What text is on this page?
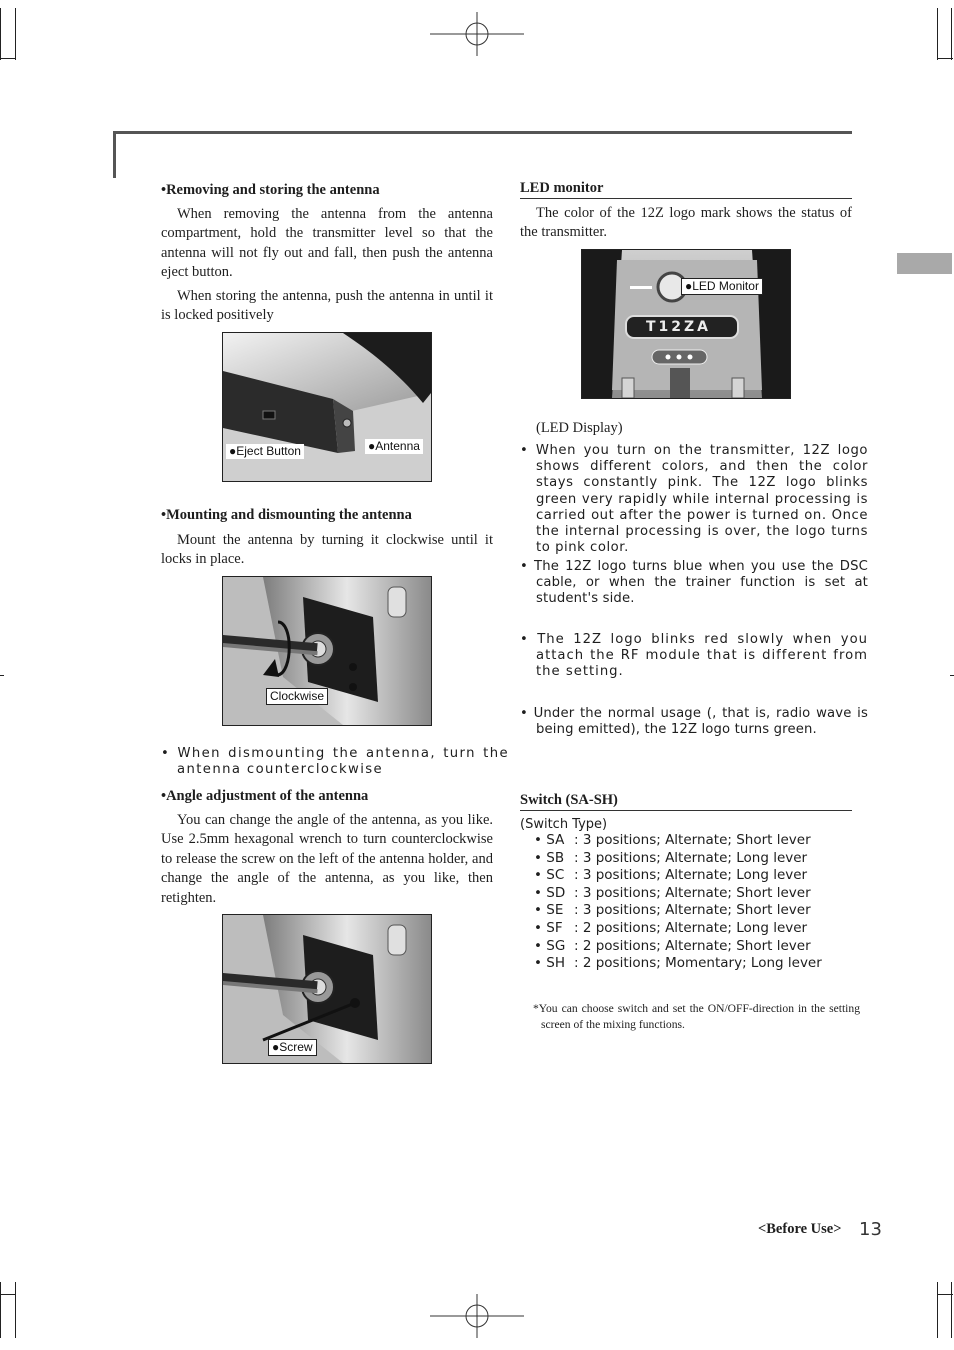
•Removing and storing the antenna

When removing the antenna from the antenna compartment, hold the transmitter level so that the antenna will not fly out and fall, then push the antenna eject button.

When storing the antenna, push the antenna in until it is locked positively

●Eject Button	●Antenna
•Mounting and dismounting the antenna

Mount the antenna by turning it clockwise until it locks in place.

Clockwise

• When dismounting the antenna, turn the antenna counterclockwise

•Angle adjustment of the antenna

You can change the angle of the antenna, as you like. Use 2.5mm hexagonal wrench to turn counterclockwise to release the screw on the left of the antenna holder, and change the angle of the antenna, as you like, then retighten.

●Screw
LED monitor

The color of the 12Z logo mark shows the status of the transmitter.

T12ZA
●LED Monitor
(LED Display)

• When you turn on the transmitter, 12Z logo shows different colors, and then the color stays constantly pink. The 12Z logo blinks green very rapidly while internal processing is carried out after the power is turned on. Once the internal processing is over, the logo turns to pink color.

• The 12Z logo turns blue when you use the DSC cable, or when the trainer function is set at student's side.

• The 12Z logo blinks red slowly when you attach the RF module that is different from the setting.

• Under the normal usage (, that is, radio wave is being emitted), the 12Z logo turns green.

Switch (SA-SH)
(Switch Type)
• SA : 3 positions; Alternate; Short lever
• SB : 3 positions; Alternate; Long lever
• SC : 3 positions; Alternate; Long lever
• SD : 3 positions; Alternate; Short lever
• SE : 3 positions; Alternate; Short lever
• SF : 2 positions; Alternate; Long lever
• SG : 2 positions; Alternate; Short lever
• SH : 2 positions; Momentary; Long lever

*You can choose switch and set the ON/OFF-direction in the setting screen of the mixing functions.

<Before Use> 13
